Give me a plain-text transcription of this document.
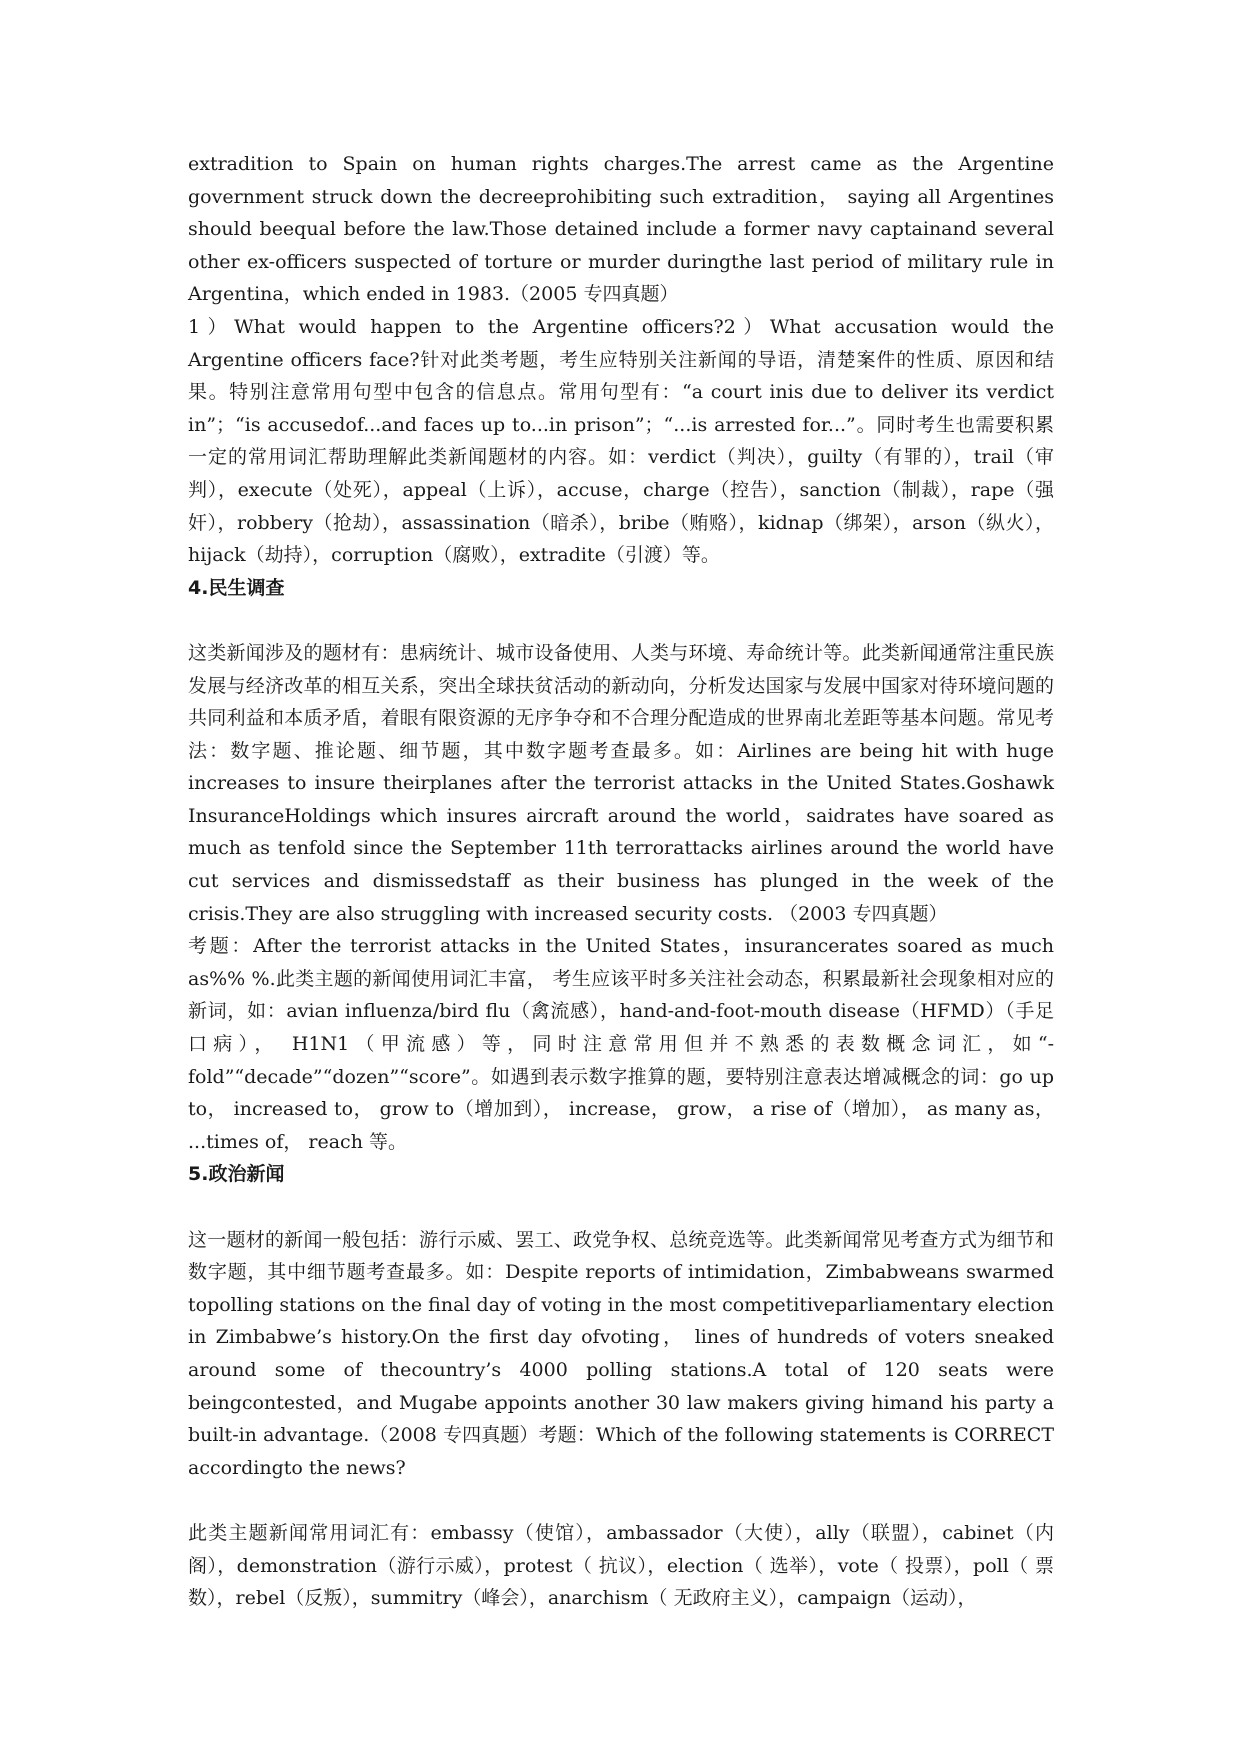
extradition to Spain on human rights charges.The arrest came as the Argentine government struck down the decreeprohibiting such extradition， saying all Argentines should beequal before the law.Those detained include a former navy captainand several other ex-officers suspected of torture or murder duringthe last period of military rule in Argentina，which ended in 1983.（2005 专四真题）

1）What would happen to the Argentine officers?2）What accusation would the Argentine officers face?针对此类考题，考生应特别关注新闻的导语，清楚案件的性质、原因和结果。特别注意常用句型中包含的信息点。常用句型有：“a court inis due to deliver its verdict in”；“is accusedof...and faces up to...in prison”；“...is arrested for...”。同时考生也需要积累一定的常用词汇帮助理解此类新闻题材的内容。如：verdict（判决），guilty（有罪的），trail（审判），execute（处死），appeal（上诉），accuse，charge（控告），sanction（制裁），rape（强奸），robbery（抢劫），assassination（暗杀），bribe（贿赂），kidnap（绑架），arson（纵火），hijack（劫持），corruption（腐败），extradite（引渡）等。

4.民生调查

这类新闻涉及的题材有：患病统计、城市设备使用、人类与环境、寿命统计等。此类新闻通常注重民族发展与经济改革的相互关系，突出全球扶贫活动的新动向，分析发达国家与发展中国家对待环境问题的共同利益和本质矛盾，着眼有限资源的无序争夺和不合理分配造成的世界南北差距等基本问题。常见考法：数字题、推论题、细节题，其中数字题考查最多。如：Airlines are being hit with huge increases to insure theirplanes after the terrorist attacks in the United States.Goshawk InsuranceHoldings which insures aircraft around the world，saidrates have soared as much as tenfold since the September 11th terrorattacks airlines around the world have cut services and dismissedstaff as their business has plunged in the week of the crisis.They are also struggling with increased security costs. （2003 专四真题）

考题：After the terrorist attacks in the United States，insurancerates soared as much as%% %.此类主题的新闻使用词汇丰富， 考生应该平时多关注社会动态，积累最新社会现象相对应的新词，如：avian influenza/bird flu（禽流感），hand-and-foot-mouth disease（HFMD）（手足口病）， H1N1（甲流感）等，同时注意常用但并不熟悉的表数概念词汇，如“-fold”“decade”“dozen”“score”。如遇到表示数字推算的题，要特别注意表达增减概念的词：go up to， increased to， grow to（增加到）， increase， grow， a rise of（增加）， as many as， ...times of， reach 等。

5.政治新闻

这一题材的新闻一般包括：游行示威、罢工、政党争权、总统竞选等。此类新闻常见考查方式为细节和数字题，其中细节题考查最多。如：Despite reports of intimidation，Zimbabweans swarmed topolling stations on the final day of voting in the most competitiveparliamentary election in Zimbabwe’s history.On the first day ofvoting， lines of hundreds of voters sneaked around some of thecountry’s 4000 polling stations.A total of 120 seats were beingcontested，and Mugabe appoints another 30 law makers giving himand his party a built-in advantage.（2008 专四真题）考题：Which of the following statements is CORRECT accordingto the news?

此类主题新闻常用词汇有：embassy（使馆），ambassador（大使），ally（联盟），cabinet（内阁），demonstration（游行示威），protest（ 抗议），election（ 选举），vote（ 投票），poll（ 票数），rebel（反叛），summitry（峰会），anarchism（ 无政府主义），campaign（运动），
